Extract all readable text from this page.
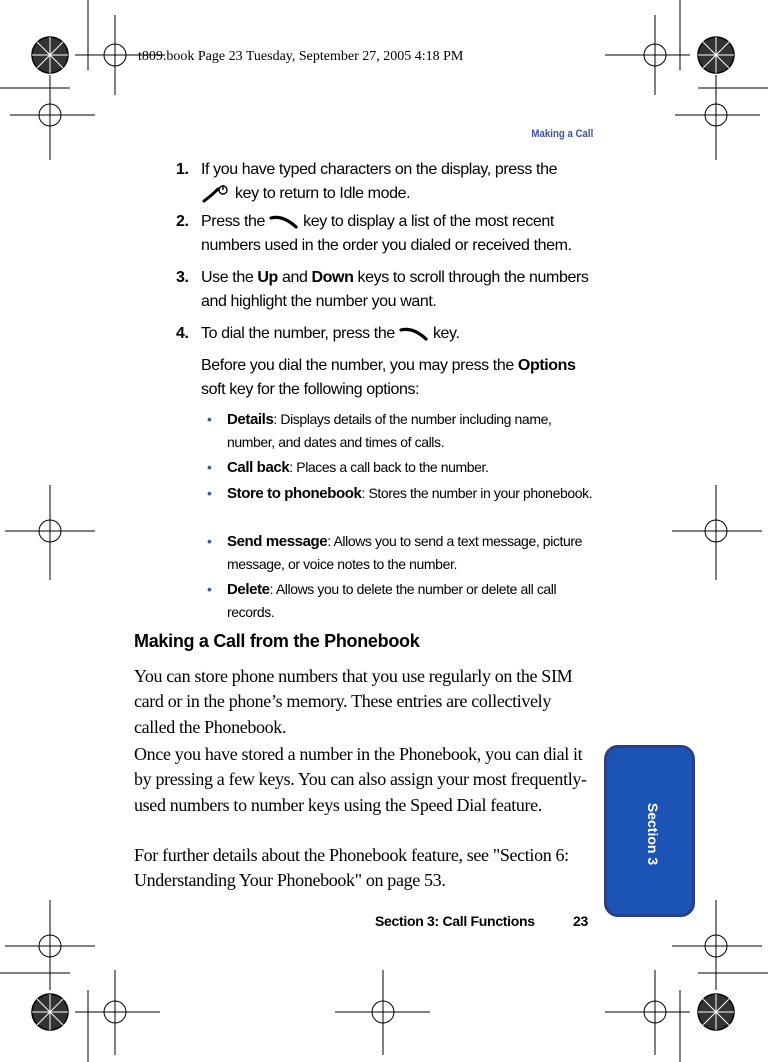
t809.book Page 23 Tuesday, September 27, 2005 4:18 PM
Making a Call
1. If you have typed characters on the display, press the
key to return to Idle mode.
2. Press the key to display a list of the most recent numbers used in the order you dialed or received them.
3. Use the Up and Down keys to scroll through the numbers and highlight the number you want.
4. To dial the number, press the key.
Before you dial the number, you may press the Options soft key for the following options:
• Details: Displays details of the number including name, number, and dates and times of calls.
• Call back: Places a call back to the number.
• Store to phonebook: Stores the number in your phonebook.
• Send message: Allows you to send a text message, picture message, or voice notes to the number.
• Delete: Allows you to delete the number or delete all call records.
Making a Call from the Phonebook
You can store phone numbers that you use regularly on the SIM card or in the phone’s memory. These entries are collectively called the Phonebook.
Once you have stored a number in the Phonebook, you can dial it by pressing a few keys. You can also assign your most frequently-used numbers to number keys using the Speed Dial feature.
For further details about the Phonebook feature, see "Section 6: Understanding Your Phonebook" on page 53.
Section 3: Call Functions	23
Section 3
